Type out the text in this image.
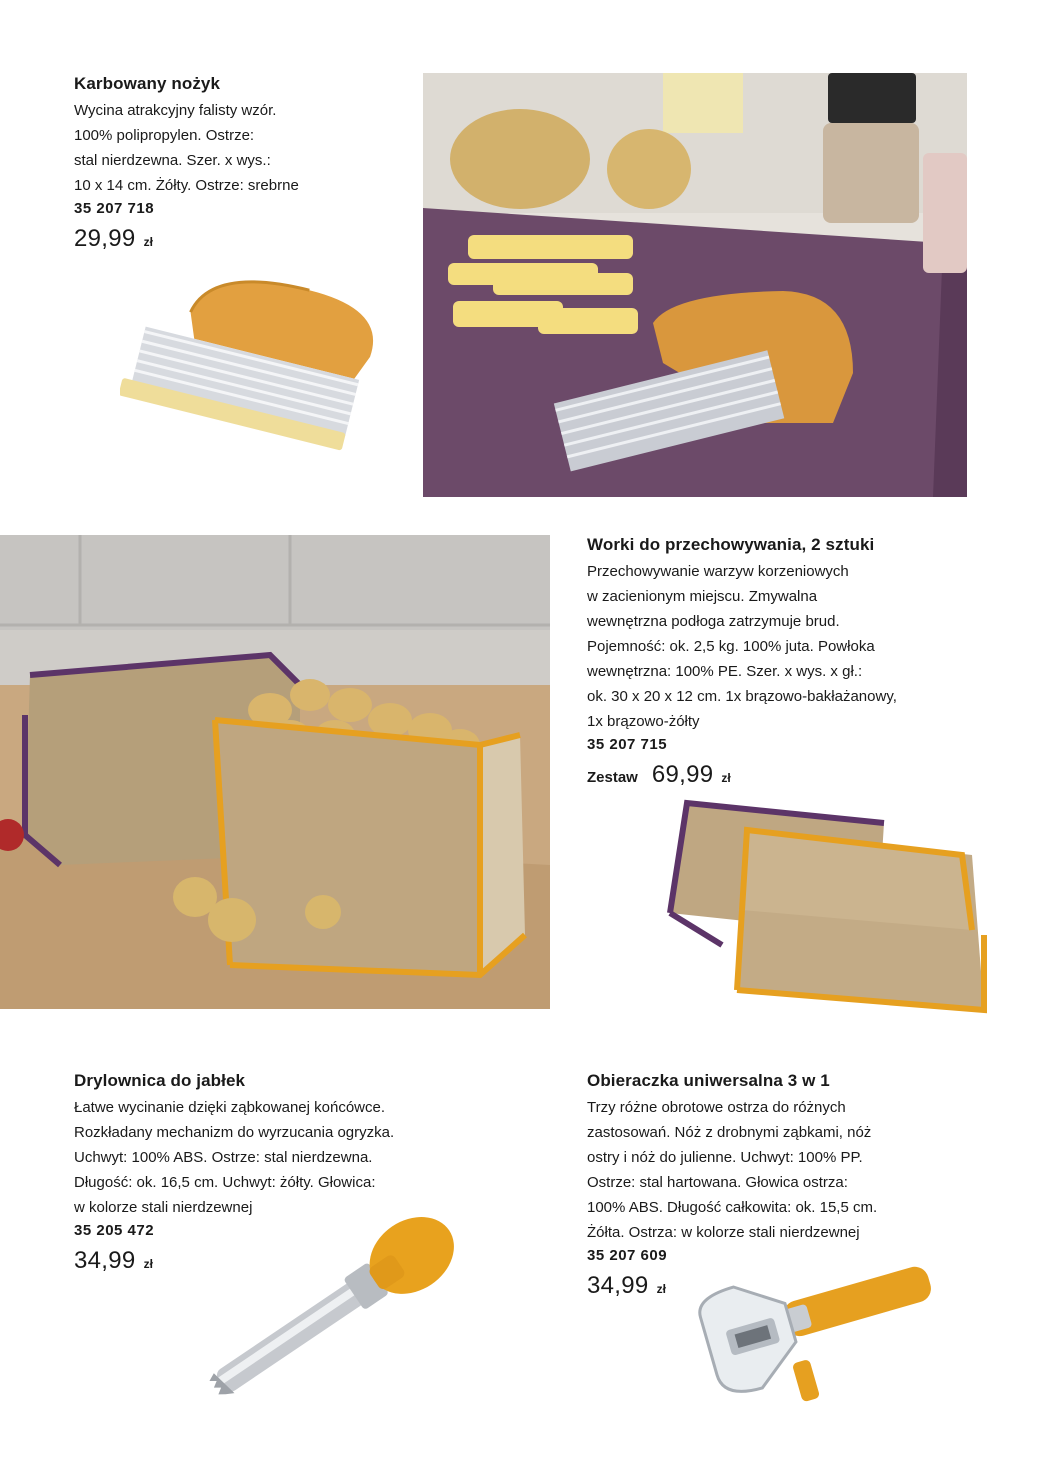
Karbowany nożyk
Wycina atrakcyjny falisty wzór.
100% polipropylen. Ostrze:
stal nierdzewna. Szer. x wys.:
10 x 14 cm. Żółty. Ostrze: srebrne
35 207 718
29,99 zł
Worki do przechowywania, 2 sztuki
Przechowywanie warzyw korzeniowych
w zacienionym miejscu. Zmywalna
wewnętrzna podłoga zatrzymuje brud.
Pojemność: ok. 2,5 kg. 100% juta. Powłoka
wewnętrzna: 100% PE. Szer. x wys. x gł.:
ok. 30 x 20 x 12 cm. 1x brązowo-bakłażanowy,
1x brązowo-żółty
35 207 715
Zestaw 69,99 zł
Drylownica do jabłek
Łatwe wycinanie dzięki ząbkowanej końcówce.
Rozkładany mechanizm do wyrzucania ogryzka.
Uchwyt: 100% ABS. Ostrze: stal nierdzewna.
Długość: ok. 16,5 cm. Uchwyt: żółty. Głowica:
w kolorze stali nierdzewnej
35 205 472
34,99 zł
Obieraczka uniwersalna 3 w 1
Trzy różne obrotowe ostrza do różnych
zastosowań. Nóż z drobnymi ząbkami, nóż
ostry i nóż do julienne. Uchwyt: 100% PP.
Ostrze: stal hartowana. Głowica ostrza:
100% ABS. Długość całkowita: ok. 15,5 cm.
Żółta. Ostrza: w kolorze stali nierdzewnej
35 207 609
34,99 zł
